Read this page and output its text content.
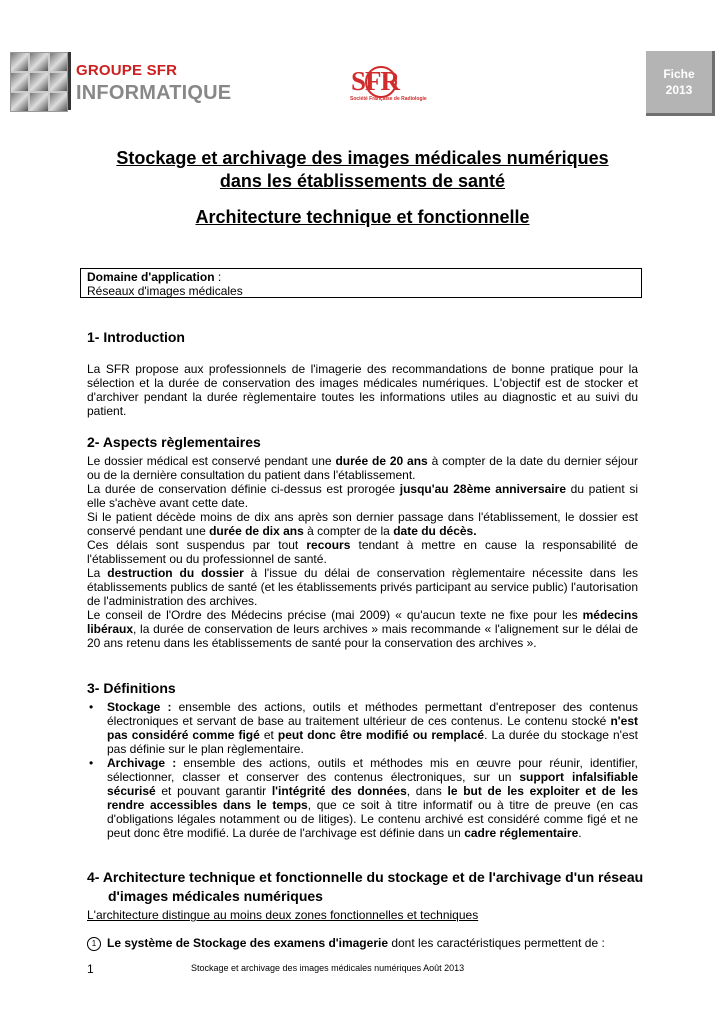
GROUPE SFR
INFORMATIQUE	SFR
Société Française de Radiologie
Fiche
2013
Stockage et archivage des images médicales numériques
dans les établissements de santé
Architecture technique et fonctionnelle
Domaine d'application :
Réseaux d'images médicales
1- Introduction

La SFR propose aux professionnels de l'imagerie des recommandations de bonne pratique pour la sélection et la durée de conservation des images médicales numériques. L'objectif est de stocker et d'archiver pendant la durée règlementaire toutes les informations utiles au diagnostic et au suivi du patient.

2- Aspects règlementaires

Le dossier médical est conservé pendant une durée de 20 ans à compter de la date du dernier séjour ou de la dernière consultation du patient dans l'établissement.

La durée de conservation définie ci-dessus est prorogée jusqu'au 28ème anniversaire du patient si elle s'achève avant cette date.

Si le patient décède moins de dix ans après son dernier passage dans l'établissement, le dossier est conservé pendant une durée de dix ans à compter de la date du décès.

Ces délais sont suspendus par tout recours tendant à mettre en cause la responsabilité de l'établissement ou du professionnel de santé.

La destruction du dossier à l'issue du délai de conservation règlementaire nécessite dans les établissements publics de santé (et les établissements privés participant au service public) l'autorisation de l'administration des archives.

Le conseil de l'Ordre des Médecins précise (mai 2009) « qu'aucun texte ne fixe pour les médecins libéraux, la durée de conservation de leurs archives » mais recommande « l'alignement sur le délai de 20 ans retenu dans les établissements de santé pour la conservation des archives ».

3- Définitions
• Stockage : ensemble des actions, outils et méthodes permettant d'entreposer des contenus électroniques et servant de base au traitement ultérieur de ces contenus. Le contenu stocké n'est pas considéré comme figé et peut donc être modifié ou remplacé. La durée du stockage n'est pas définie sur le plan règlementaire.
• Archivage : ensemble des actions, outils et méthodes mis en œuvre pour réunir, identifier, sélectionner, classer et conserver des contenus électroniques, sur un support infalsifiable sécurisé et pouvant garantir l'intégrité des données, dans le but de les exploiter et de les rendre accessibles dans le temps, que ce soit à titre informatif ou à titre de preuve (en cas d'obligations légales notamment ou de litiges). Le contenu archivé est considéré comme figé et ne peut donc être modifié. La durée de l'archivage est définie dans un cadre réglementaire.
4- Architecture technique et fonctionnelle du stockage et de l'archivage d'un réseau
d'images médicales numériques
L'architecture distingue au moins deux zones fonctionnelles et techniques
1 Le système de Stockage des examens d'imagerie dont les caractéristiques permettent de :
1	Stockage et archivage des images médicales numériques Août 2013
